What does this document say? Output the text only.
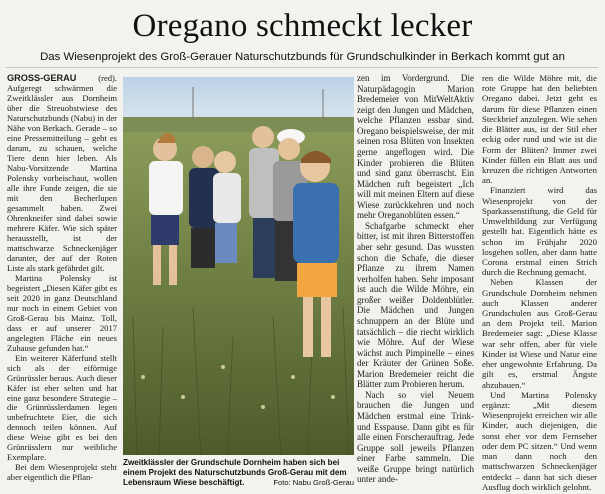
Oregano schmeckt lecker
Das Wiesenprojekt des Groß-Gerauer Naturschutzbunds für Grundschulkinder in Berkach kommt gut an

GROSS-GERAU	(red). Aufgeregt schwärmen die Zweitklässler aus Dornheim über die Streuobstwiese des Naturschutzbunds (Nabu) in der Nähe von Berkach. Gerade – so eine Pressemitteilung – geht es darum, zu schauen, welche Tiere denn hier leben. Als Nabu-Vorsitzende Martina Polensky vorbeischaut, wollen alle ihre Funde zeigen, die sie mit den Becherlupen gesammelt haben. Zwei Ohrenkneifer sind dabei sowie mehrere Käfer. Wie sich später herausstellt, ist der mattschwarze Schneckenjäger darunter, der auf der Roten Liste als stark gefährdet gilt.

Martina Polensky ist begeistert „Diesen Käfer gibt es seit 2020 in ganz Deutschland nur noch in einem Gebiet von Groß-Gerau bis Mainz. Toll, dass er auf unserer 2017 angelegten Fläche ein neues Zuhause gefunden hat.“

Ein weiterer Käferfund stellt sich als der eiförmige Grünrüssler heraus. Auch dieser Käfer ist eher selten und hat eine ganz besondere Strategie – die Grünrüsslerdamen legen unbefruchtete Eier, die sich dennoch teilen können. Auf diese Weise gibt es bei den Grünrüsslern nur weibliche Exemplare.

Bei dem Wiesenprojekt steht aber eigentlich die Pflan-

zen im Vordergrund. Die Naturpädagogin Marion Bredemeier von MitWeltAktiv zeigt den Jungen und Mädchen, welche Pflanzen essbar sind. Oregano beispielsweise, der mit seinen rosa Blüten von Insekten gerne angeflogen wird. Die Kinder probieren die Blüten und sind ganz überrascht. Ein Mädchen ruft begeistert „Ich will mit meinen Eltern auf diese Wiese zurückkehren und noch mehr Oreganoblüten essen.“

Schafgarbe schmeckt eher bitter, ist mit ihren Bitterstoffen aber sehr gesund. Das wussten schon die Schafe, die dieser Pflanze zu ihrem Namen verholfen haben. Sehr imposant ist auch die Wilde Möhre, ein großer weißer Doldenblütler. Die Mädchen und Jungen schnuppern an der Blüte und tatsächlich – die riecht wirklich wie Möhre. Auf der Wiese wächst auch Pimpinelle – eines der Kräuter der Grünen Soße. Marion Bredemeier reicht die Blätter zum Probieren herum.

Nach so viel Neuem brauchen die Jungen und Mädchen erstmal eine Trink- und Esspause. Dann gibt es für alle einen Forscherauftrag. Jede Gruppe soll jeweils Pflanzen einer Farbe sammeln. Die weiße Gruppe bringt natürlich unter ande-

ren die Wilde Möhre mit, die rote Gruppe hat den beliebten Oregano dabei. Jetzt geht es darum für diese Pflanzen einen Steckbrief anzulegen. Wie sehen die Blätter aus, ist der Stil eher eckig oder rund und wie ist die Form der Blüten? Immer zwei Kinder füllen ein Blatt aus und kreuzen die richtigen Antworten an.

Finanziert wird das Wiesenprojekt von der Sparkassenstiftung, die Geld für Umweltbildung zur Verfügung gestellt hat. Eigentlich hätte es schon im Frühjahr 2020 losgehen sollen, aber dann hatte Corona erstmal einen Strich durch die Rechnung gemacht.

Neben Klassen der Grundschule Dornheim nehmen auch Klassen anderer Grundschulen aus Groß-Gerau an dem Projekt teil. Marion Bredemeier sagt: „Diese Klasse war sehr offen, aber für viele Kinder ist Wiese und Natur eine eher ungewohnte Erfahrung. Da gilt es, erstmal Ängste abzubauen.“

Und Martina Polensky ergänzt: „Mit diesem Wiesenprojekt erreichen wir alle Kinder, auch diejenigen, die sonst eher vor dem Fernseher oder dem PC sitzen.“ Und wenn man dann noch den mattschwarzen Schneckenjäger entdeckt – dann hat sich dieser Ausflug doch wirklich gelohnt.

Zweitklässler der Grundschule Dornheim haben sich bei einem Projekt des Naturschutzbunds Groß-Gerau mit dem Lebensraum Wiese beschäftigt.	Foto: Nabu Groß-Gerau
